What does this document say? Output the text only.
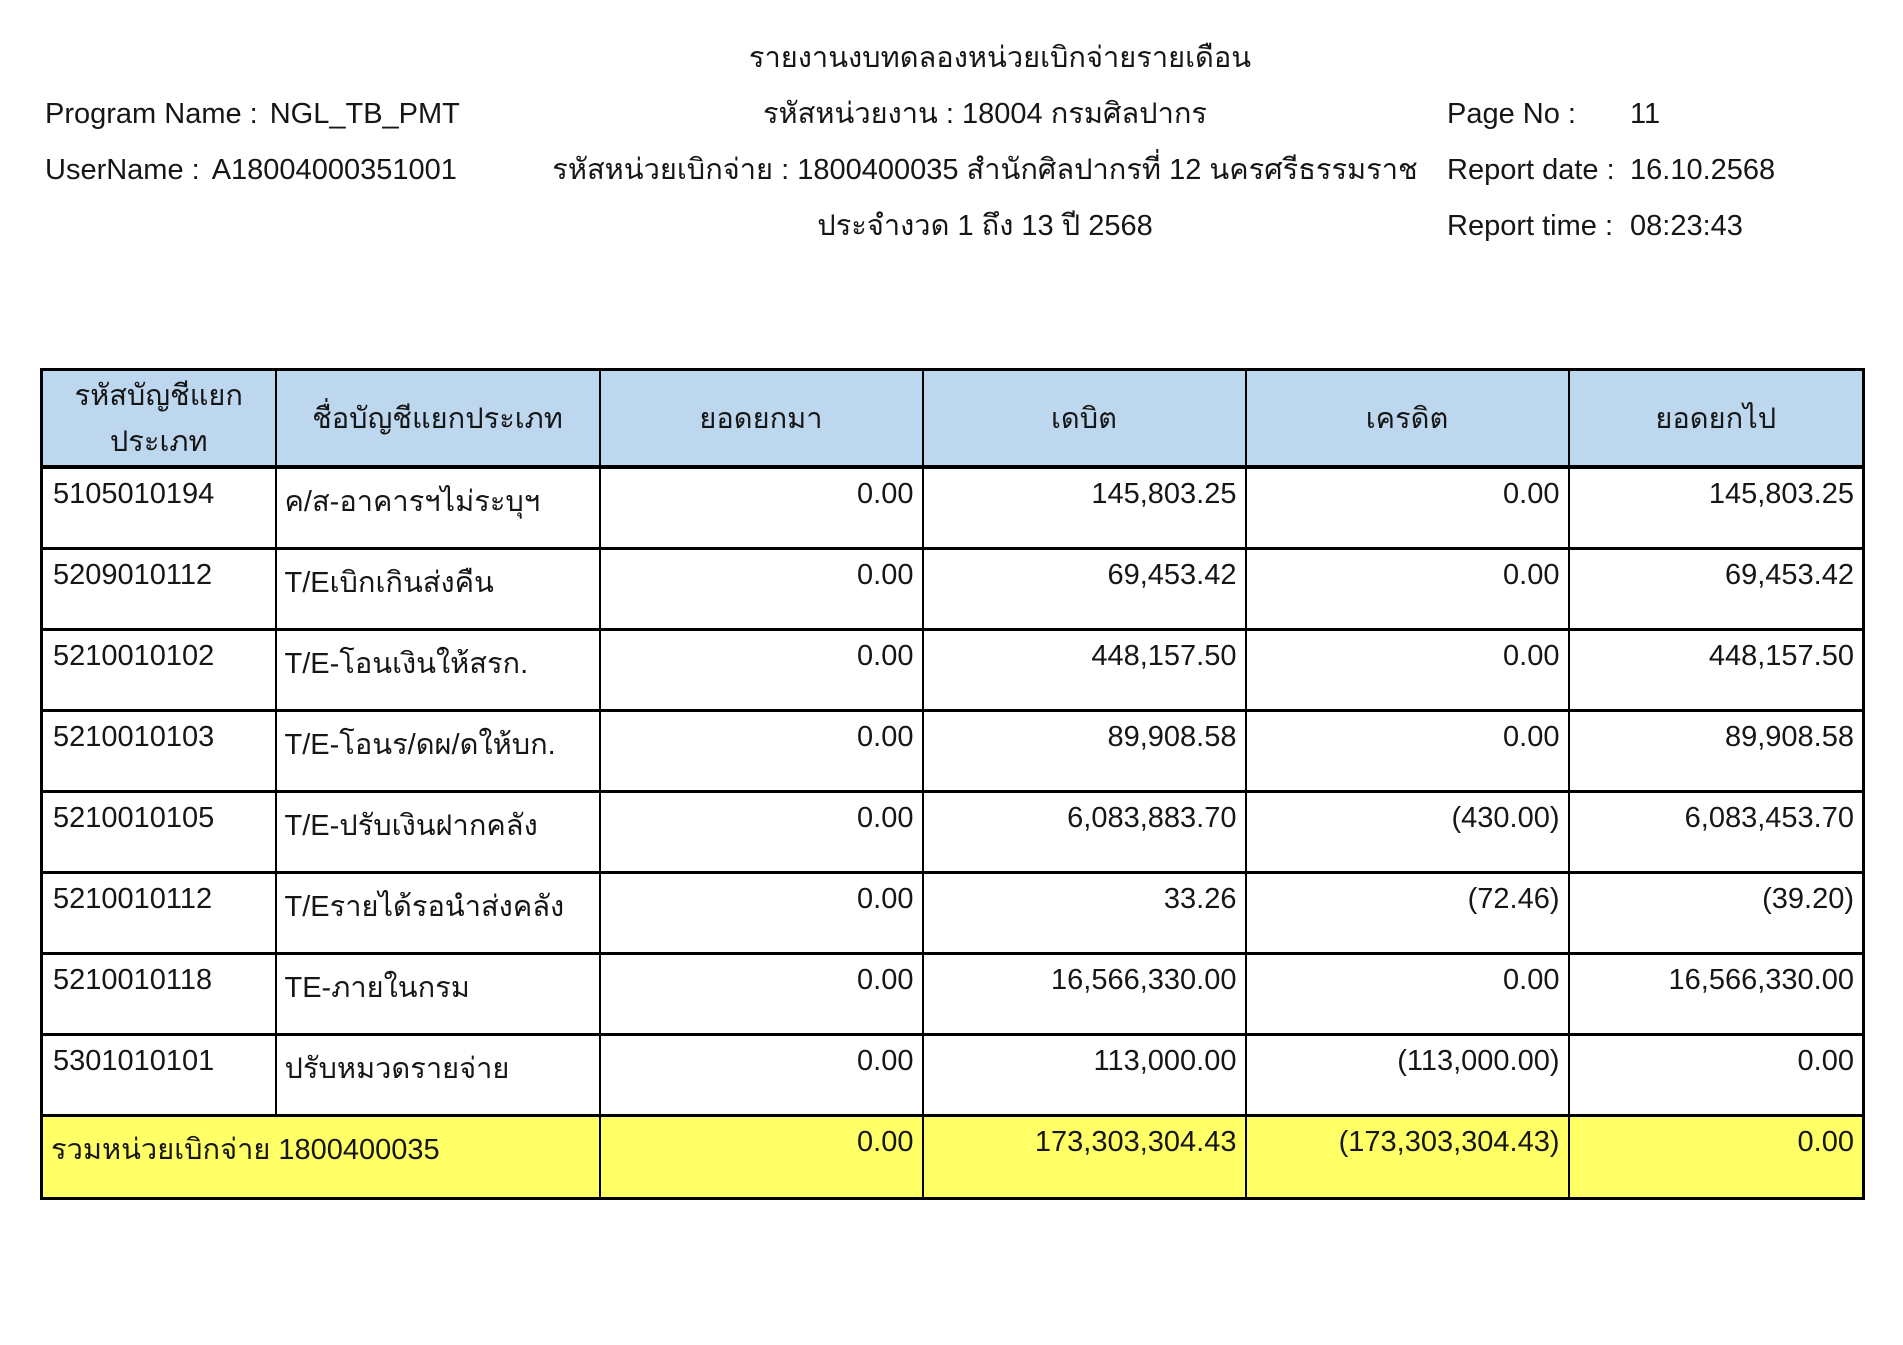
รายงานงบทดลองหน่วยเบิกจ่ายรายเดือน
Program Name : NGL_TB_PMT
UserName : A18004000351001
รหัสหน่วยงาน : 18004 กรมศิลปากร
รหัสหน่วยเบิกจ่าย : 1800400035 สำนักศิลปากรที่ 12 นครศรีธรรมราช
ประจำงวด 1 ถึง 13 ปี 2568
Page No : 11
Report date : 16.10.2568
Report time : 08:23:43
รหัสบัญชีแยกประเภท	ชื่อบัญชีแยกประเภท	ยอดยกมา	เดบิต	เครดิต	ยอดยกไป
5105010194	ค/ส-อาคารฯไม่ระบุฯ	0.00	145,803.25	0.00	145,803.25
5209010112	T/Eเบิกเกินส่งคืน	0.00	69,453.42	0.00	69,453.42
5210010102	T/E-โอนเงินให้สรก.	0.00	448,157.50	0.00	448,157.50
5210010103	T/E-โอนร/ดผ/ดให้บก.	0.00	89,908.58	0.00	89,908.58
5210010105	T/E-ปรับเงินฝากคลัง	0.00	6,083,883.70	(430.00)	6,083,453.70
5210010112	T/Eรายได้รอนำส่งคลัง	0.00	33.26	(72.46)	(39.20)
5210010118	TE-ภายในกรม	0.00	16,566,330.00	0.00	16,566,330.00
5301010101	ปรับหมวดรายจ่าย	0.00	113,000.00	(113,000.00)	0.00
รวมหน่วยเบิกจ่าย 1800400035		0.00	173,303,304.43	(173,303,304.43)	0.00
